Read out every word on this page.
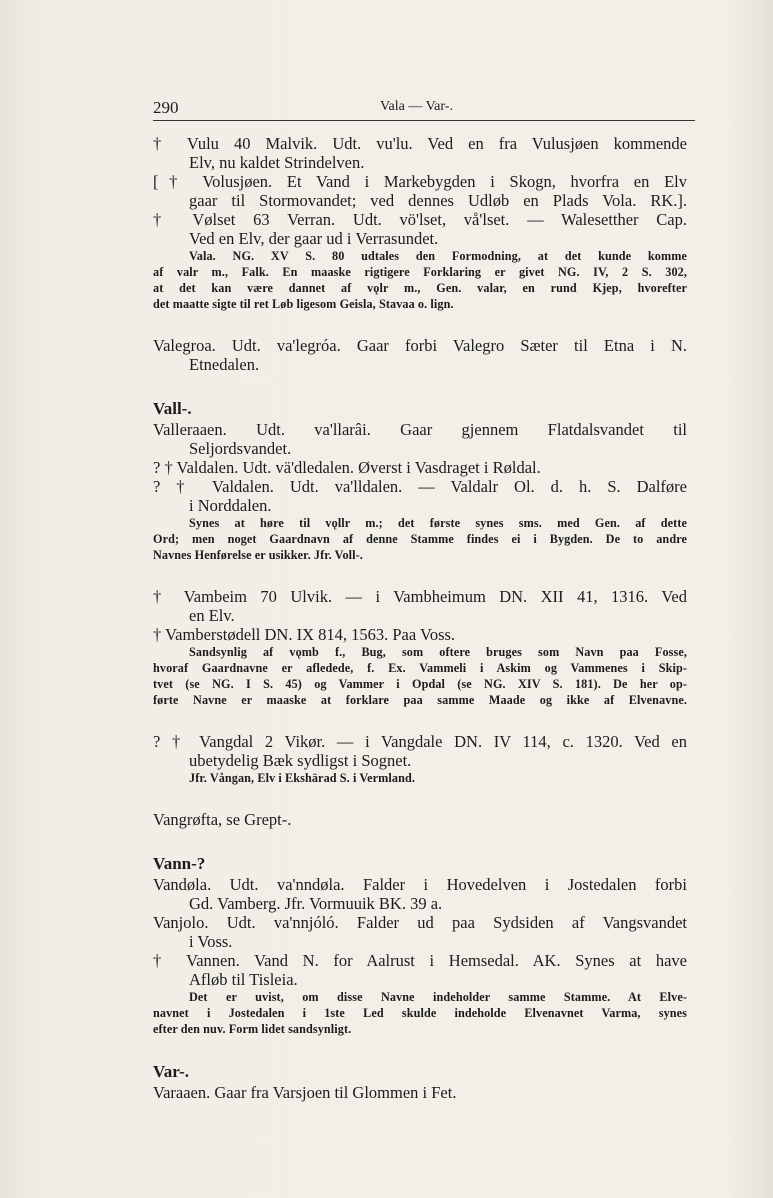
290	Vala — Var-.
† Vulu 40 Malvik. Udt. vu'lu. Ved en fra Vulusjøen kommende
Elv, nu kaldet Strindelven.
[† Volusjøen. Et Vand i Markebygden i Skogn, hvorfra en Elv
gaar til Stormovandet; ved dennes Udløb en Plads Vola. RK.].
† Vølset 63 Verran. Udt. vö'lset, vå'lset. — Walesetther Cap.
Ved en Elv, der gaar ud i Verrasundet.
Vala. NG. XV S. 80 udtales den Formodning, at det kunde komme
af valr m., Falk. En maaske rigtigere Forklaring er givet NG. IV, 2 S. 302,
at det kan være dannet af vǫlr m., Gen. valar, en rund Kjep, hvorefter
det maatte sigte til ret Løb ligesom Geisla, Stavaa o. lign.
Valegroa. Udt. va'legróa. Gaar forbi Valegro Sæter til Etna i N.
Etnedalen.
Vall-.
Valleraaen. Udt. va'llarâi. Gaar gjennem Flatdalsvandet til
Seljordsvandet.
? † Valdalen. Udt. vä'dledalen. Øverst i Vasdraget i Røldal.
? † Valdalen. Udt. va'lldalen. — Valdalr Ol. d. h. S. Dalføre
i Norddalen.
Synes at høre til vǫllr m.; det første synes sms. med Gen. af dette
Ord; men noget Gaardnavn af denne Stamme findes ei i Bygden. De to andre
Navnes Henførelse er usikker. Jfr. Voll-.
† Vambeim 70 Ulvik. — i Vambheimum DN. XII 41, 1316. Ved
en Elv.
† Vamberstødell DN. IX 814, 1563. Paa Voss.
Sandsynlig af vǫmb f., Bug, som oftere bruges som Navn paa Fosse,
hvoraf Gaardnavne er afledede, f. Ex. Vammeli i Askim og Vammenes i Skip-
tvet (se NG. I S. 45) og Vammer i Opdal (se NG. XIV S. 181). De her op-
førte Navne er maaske at forklare paa samme Maade og ikke af Elvenavne.
? † Vangdal 2 Vikør. — i Vangdale DN. IV 114, c. 1320. Ved en
ubetydelig Bæk sydligst i Sognet.
Jfr. Vångan, Elv i Ekshärad S. i Vermland.
Vangrøfta, se Grept-.
Vann-?
Vandøla. Udt. va'nndøla. Falder i Hovedelven i Jostedalen forbi
Gd. Vamberg. Jfr. Vormuuik BK. 39 a.
Vanjolo. Udt. va'nnjóló. Falder ud paa Sydsiden af Vangsvandet
i Voss.
† Vannen. Vand N. for Aalrust i Hemsedal. AK. Synes at have
Afløb til Tisleia.
Det er uvist, om disse Navne indeholder samme Stamme. At Elve-
navnet i Jostedalen i 1ste Led skulde indeholde Elvenavnet Varma, synes
efter den nuv. Form lidet sandsynligt.
Var-.
Varaaen. Gaar fra Varsjoen til Glommen i Fet.
